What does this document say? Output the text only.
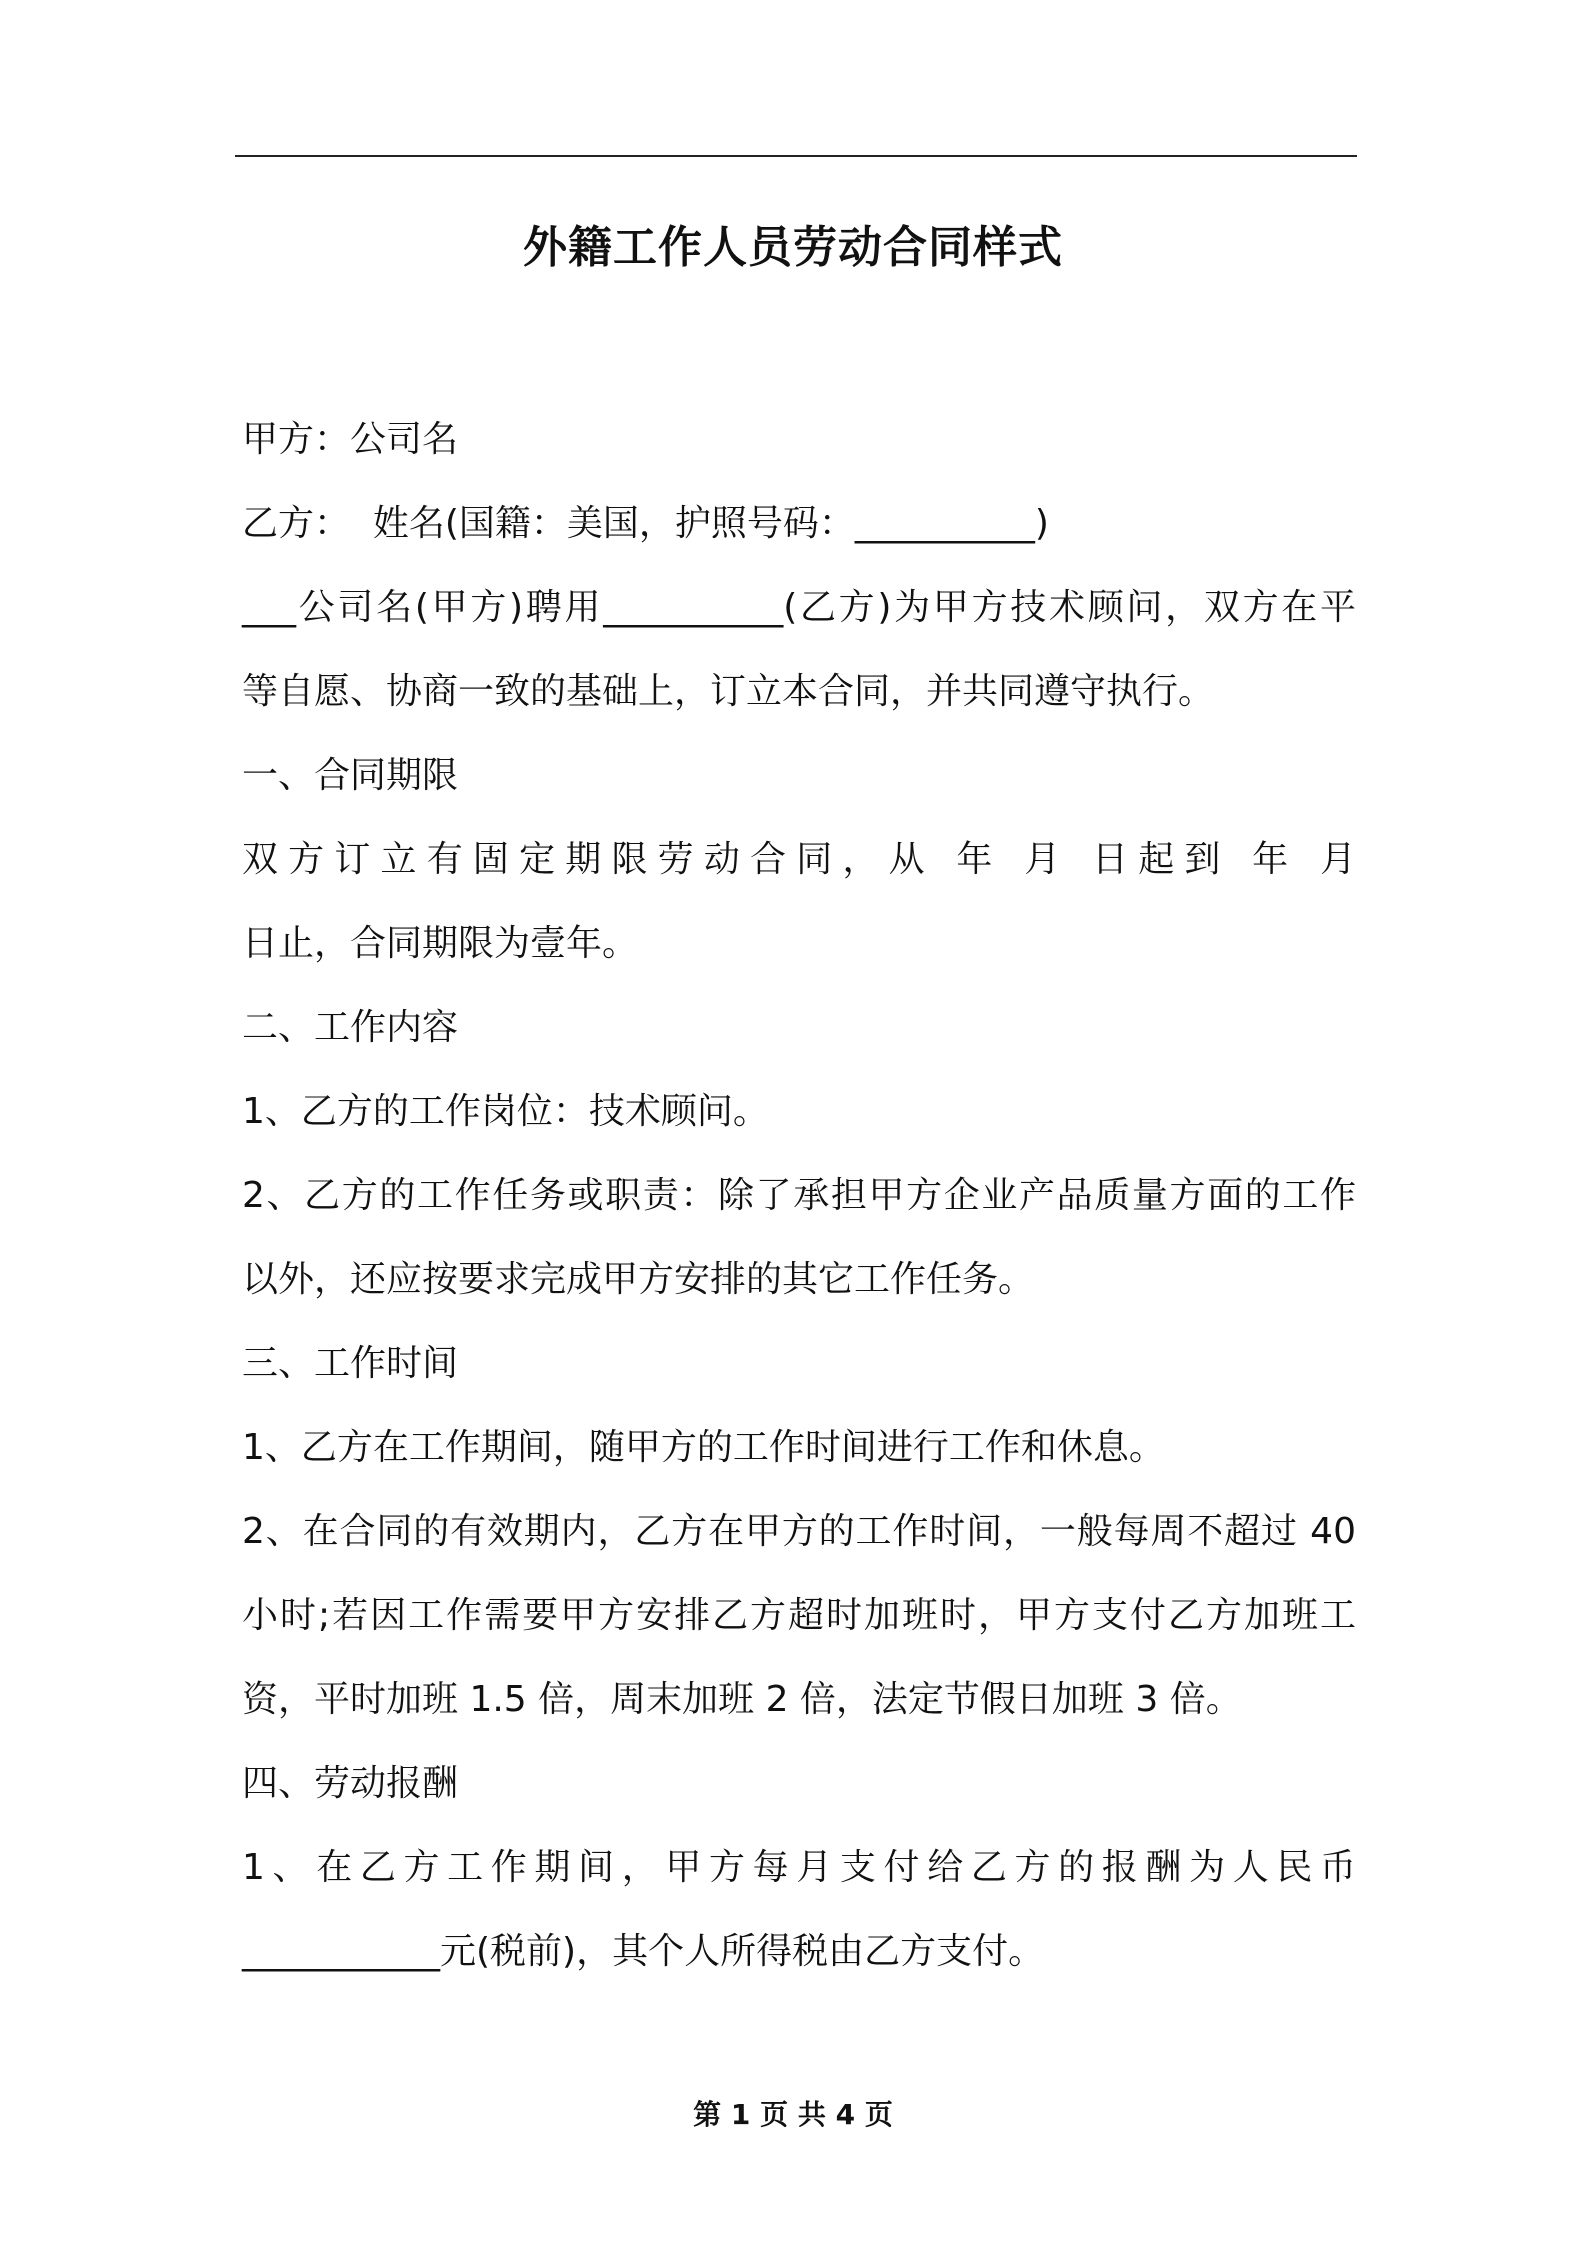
外籍工作人员劳动合同样式
甲方：公司名
乙方：  姓名(国籍：美国，护照号码：__________)
___公司名(甲方)聘用__________(乙方)为甲方技术顾问，双方在平
等自愿、协商一致的基础上，订立本合同，并共同遵守执行。
一、合同期限
双方订立有固定期限劳动合同，从 年 月 日起到 年 月
日止，合同期限为壹年。
二、工作内容
1、乙方的工作岗位：技术顾问。
2、乙方的工作任务或职责：除了承担甲方企业产品质量方面的工作
以外，还应按要求完成甲方安排的其它工作任务。
三、工作时间
1、乙方在工作期间，随甲方的工作时间进行工作和休息。
2、在合同的有效期内，乙方在甲方的工作时间，一般每周不超过 40
小时;若因工作需要甲方安排乙方超时加班时，甲方支付乙方加班工
资，平时加班 1.5 倍，周末加班 2 倍，法定节假日加班 3 倍。
四、劳动报酬
1、在乙方工作期间，甲方每月支付给乙方的报酬为人民币
___________元(税前)，其个人所得税由乙方支付。
第 1 页 共 4 页
